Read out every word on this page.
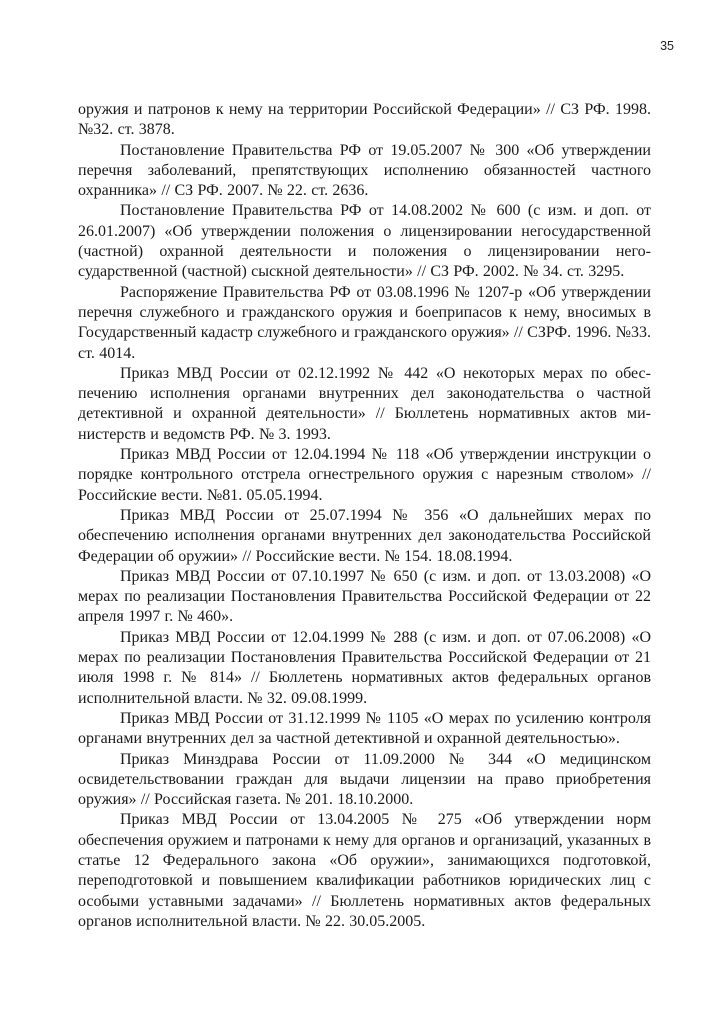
35

оружия и патронов к нему на территории Российской Федерации» // СЗ РФ. 1998. №32. ст. 3878.

Постановление Правительства РФ от 19.05.2007 № 300 «Об утверждении перечня заболеваний, препятствующих исполнению обязанностей частного охранника» // СЗ РФ. 2007. № 22. ст. 2636.

Постановление Правительства РФ от 14.08.2002 № 600 (с изм. и доп. от 26.01.2007) «Об утверждении положения о лицензировании негосударственной (частной) охранной деятельности и положения о лицензировании негосударственной (частной) сыскной деятельности» // СЗ РФ. 2002. № 34. ст. 3295.

Распоряжение Правительства РФ от 03.08.1996 № 1207-р «Об утверждении перечня служебного и гражданского оружия и боеприпасов к нему, вносимых в Государственный кадастр служебного и гражданского оружия» // СЗРФ. 1996. №33. ст. 4014.

Приказ МВД России от 02.12.1992 № 442 «О некоторых мерах по обеспечению исполнения органами внутренних дел законодательства о частной детективной и охранной деятельности» // Бюллетень нормативных актов министерств и ведомств РФ. № 3. 1993.

Приказ МВД России от 12.04.1994 № 118 «Об утверждении инструкции о порядке контрольного отстрела огнестрельного оружия с нарезным стволом» // Российские вести. №81. 05.05.1994.

Приказ МВД России от 25.07.1994 № 356 «О дальнейших мерах по обеспечению исполнения органами внутренних дел законодательства Российской Федерации об оружии» // Российские вести. № 154. 18.08.1994.

Приказ МВД России от 07.10.1997 № 650 (с изм. и доп. от 13.03.2008) «О мерах по реализации Постановления Правительства Российской Федерации от 22 апреля 1997 г. № 460».

Приказ МВД России от 12.04.1999 № 288 (с изм. и доп. от 07.06.2008) «О мерах по реализации Постановления Правительства Российской Федерации от 21 июля 1998 г. № 814» // Бюллетень нормативных актов федеральных органов исполнительной власти. № 32. 09.08.1999.

Приказ МВД России от 31.12.1999 № 1105 «О мерах по усилению контроля органами внутренних дел за частной детективной и охранной деятельностью».

Приказ Минздрава России от 11.09.2000 № 344 «О медицинском освидетельствовании граждан для выдачи лицензии на право приобретения оружия» // Российская газета. № 201. 18.10.2000.

Приказ МВД России от 13.04.2005 № 275 «Об утверждении норм обеспечения оружием и патронами к нему для органов и организаций, указанных в статье 12 Федерального закона «Об оружии», занимающихся подготовкой, переподготовкой и повышением квалификации работников юридических лиц с особыми уставными задачами» // Бюллетень нормативных актов федеральных органов исполнительной власти. № 22. 30.05.2005.
